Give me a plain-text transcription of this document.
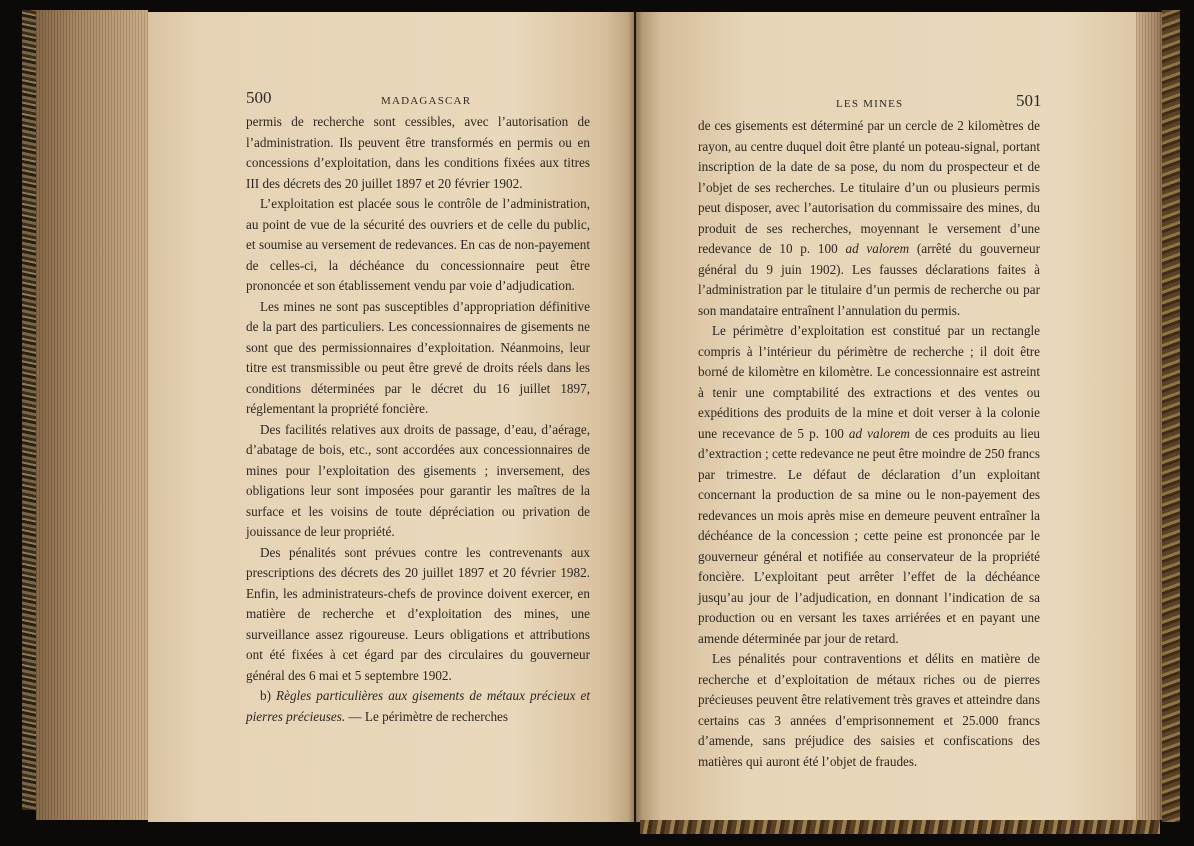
500	MADAGASCAR	LES MINES	501

permis de recherche sont cessibles, avec l’autorisation de l’administration. Ils peuvent être transformés en permis ou en concessions d’exploitation, dans les conditions fixées aux titres III des décrets des 20 juillet 1897 et 20 février 1902.

L’exploitation est placée sous le contrôle de l’administration, au point de vue de la sécurité des ouvriers et de celle du public, et soumise au versement de redevances. En cas de non-payement de celles-ci, la déchéance du concessionnaire peut être prononcée et son établissement vendu par voie d’adjudication.

Les mines ne sont pas susceptibles d’appropriation définitive de la part des particuliers. Les concessionnaires de gisements ne sont que des permissionnaires d’exploitation. Néanmoins, leur titre est transmissible ou peut être grevé de droits réels dans les conditions déterminées par le décret du 16 juillet 1897, réglementant la propriété foncière.

Des facilités relatives aux droits de passage, d’eau, d’aérage, d’abatage de bois, etc., sont accordées aux concessionnaires de mines pour l’exploitation des gisements ; inversement, des obligations leur sont imposées pour garantir les maîtres de la surface et les voisins de toute dépréciation ou privation de jouissance de leur propriété.

Des pénalités sont prévues contre les contrevenants aux prescriptions des décrets des 20 juillet 1897 et 20 février 1982. Enfin, les administrateurs-chefs de province doivent exercer, en matière de recherche et d’exploitation des mines, une surveillance assez rigoureuse. Leurs obligations et attributions ont été fixées à cet égard par des circulaires du gouverneur général des 6 mai et 5 septembre 1902.

b) Règles particulières aux gisements de métaux précieux et pierres précieuses. — Le périmètre de recherches

de ces gisements est déterminé par un cercle de 2 kilomètres de rayon, au centre duquel doit être planté un poteau-signal, portant inscription de la date de sa pose, du nom du prospecteur et de l’objet de ses recherches. Le titulaire d’un ou plusieurs permis peut disposer, avec l’autorisation du commissaire des mines, du produit de ses recherches, moyennant le versement d’une redevance de 10 p. 100 ad valorem (arrêté du gouverneur général du 9 juin 1902). Les fausses déclarations faites à l’administration par le titulaire d’un permis de recherche ou par son mandataire entraînent l’annulation du permis.

Le périmètre d’exploitation est constitué par un rectangle compris à l’intérieur du périmètre de recherche ; il doit être borné de kilomètre en kilomètre. Le concessionnaire est astreint à tenir une comptabilité des extractions et des ventes ou expéditions des produits de la mine et doit verser à la colonie une recevance de 5 p. 100 ad valorem de ces produits au lieu d’extraction ; cette redevance ne peut être moindre de 250 francs par trimestre. Le défaut de déclaration d’un exploitant concernant la production de sa mine ou le non-payement des redevances un mois après mise en demeure peuvent entraîner la déchéance de la concession ; cette peine est prononcée par le gouverneur général et notifiée au conservateur de la propriété foncière. L’exploitant peut arrêter l’effet de la déchéance jusqu’au jour de l’adjudication, en donnant l’indication de sa production ou en versant les taxes arriérées et en payant une amende déterminée par jour de retard.

Les pénalités pour contraventions et délits en matière de recherche et d’exploitation de métaux riches ou de pierres précieuses peuvent être relativement très graves et atteindre dans certains cas 3 années d’emprisonnement et 25.000 francs d’amende, sans préjudice des saisies et confiscations des matières qui auront été l’objet de fraudes.
